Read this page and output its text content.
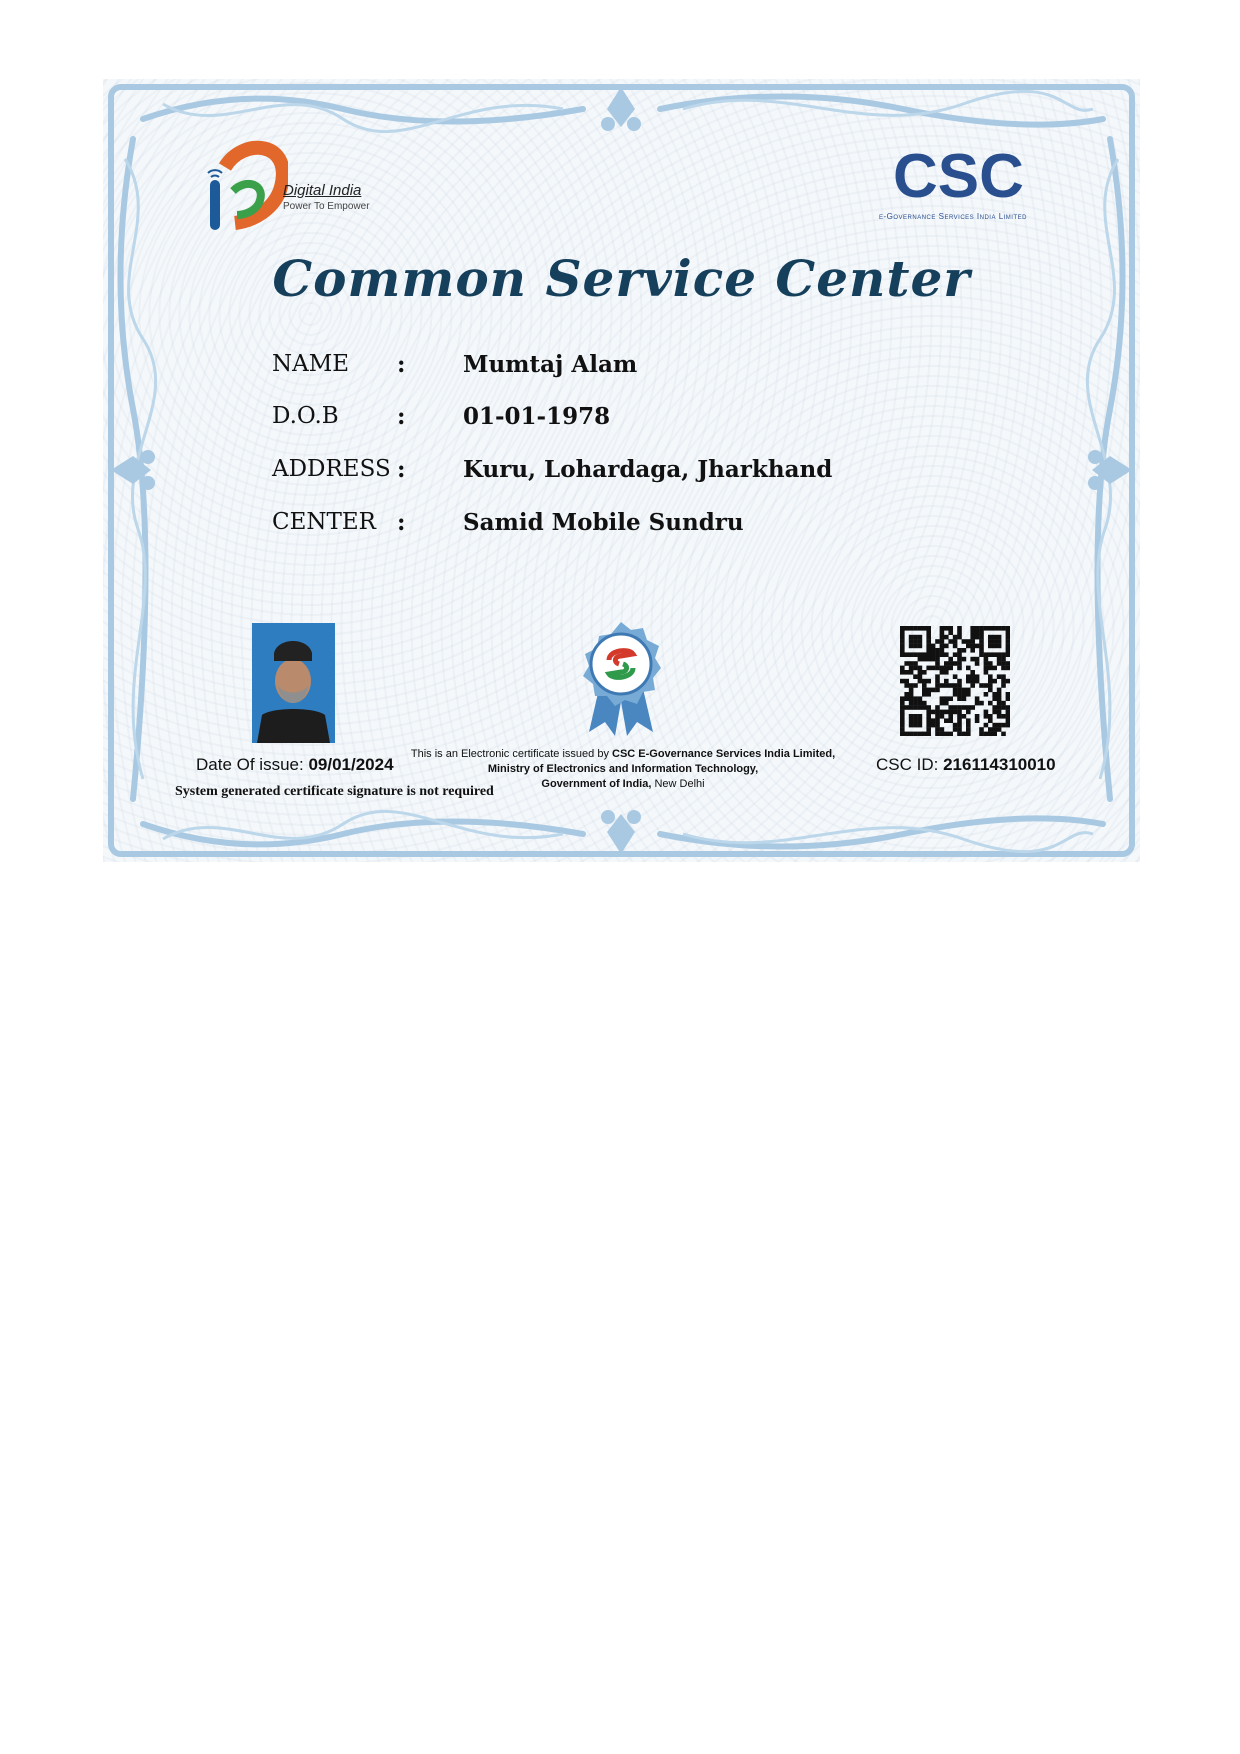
Digital India
Power To Empower	CSC
e-Governance Services India Limited
Common Service Center
NAME :	Mumtaj Alam
D.O.B	:	01-01-1978
ADDRESS :	Kuru, Lohardaga, Jharkhand
CENTER :	Samid Mobile Sundru
Date Of issue: 09/01/2024
System generated certificate signature is not required
This is an Electronic certificate issued by CSC E-Governance Services India Limited,
Ministry of Electronics and Information Technology,
Government of India, New Delhi
CSC ID: 216114310010
